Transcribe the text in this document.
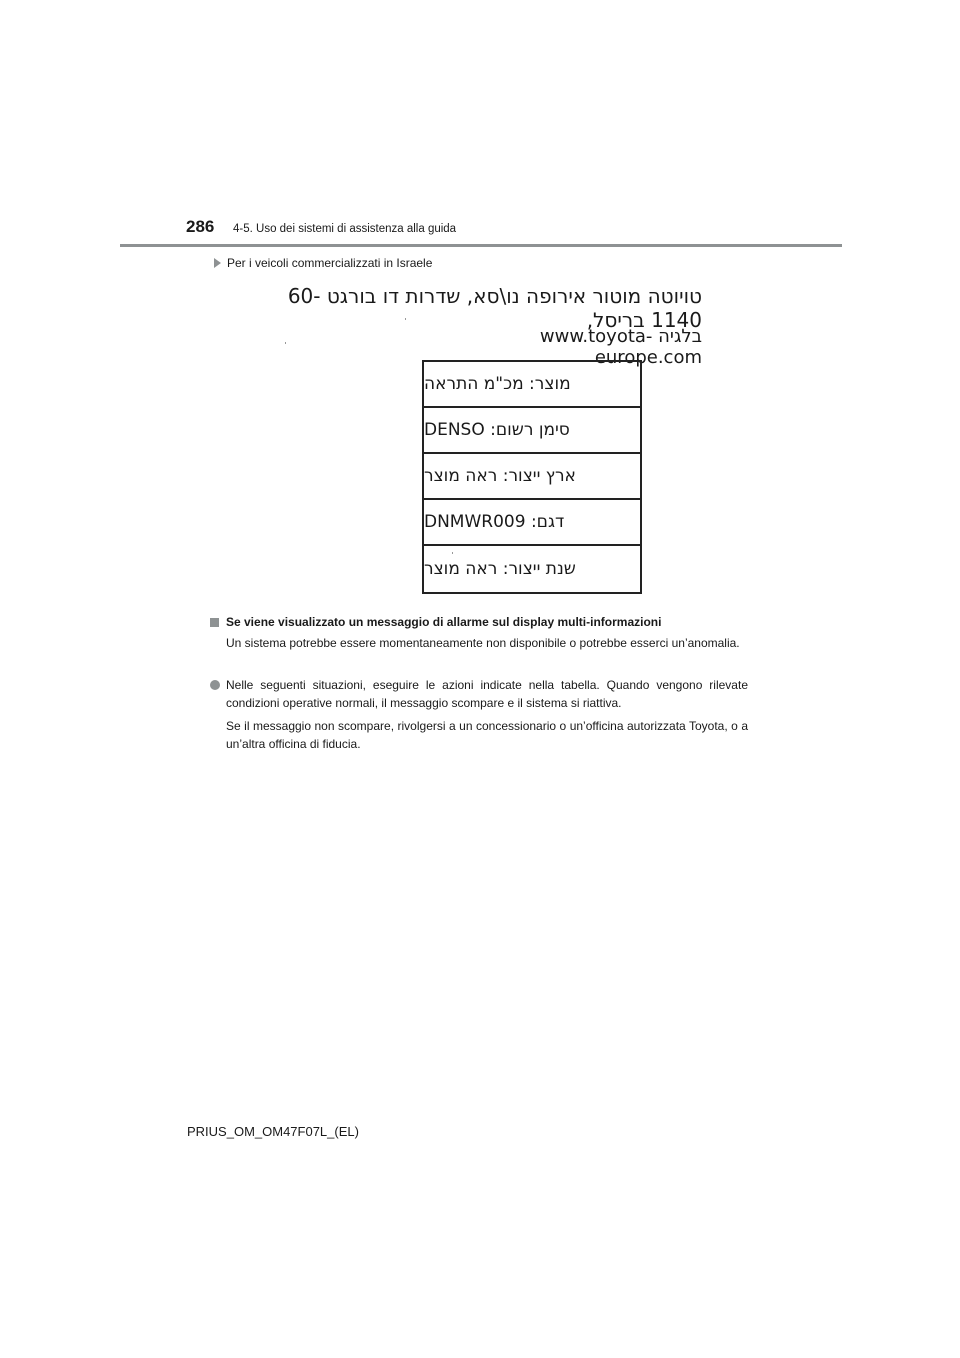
286 4-5. Uso dei sistemi di assistenza alla guida
Per i veicoli commercializzati in Israele
טויוטה מוטור אירופה נו\סא, שדרות דו בורגט 60-1140 בריסל,
בלגיה www.toyota-europe.com
מוצר: מכ"מ התראה
סימן רשום: DENSO
ארץ ייצור: ראה מוצר
דגם: DNMWR009
שנת ייצור: ראה מוצר
Se viene visualizzato un messaggio di allarme sul display multi-informazioni
Un sistema potrebbe essere momentaneamente non disponibile o potrebbe esserci un’anomalia.
Nelle seguenti situazioni, eseguire le azioni indicate nella tabella. Quando vengono rilevate condizioni operative normali, il messaggio scompare e il sistema si riattiva.
Se il messaggio non scompare, rivolgersi a un concessionario o un’officina autorizzata Toyota, o a un’altra officina di fiducia.
PRIUS_OM_OM47F07L_(EL)
